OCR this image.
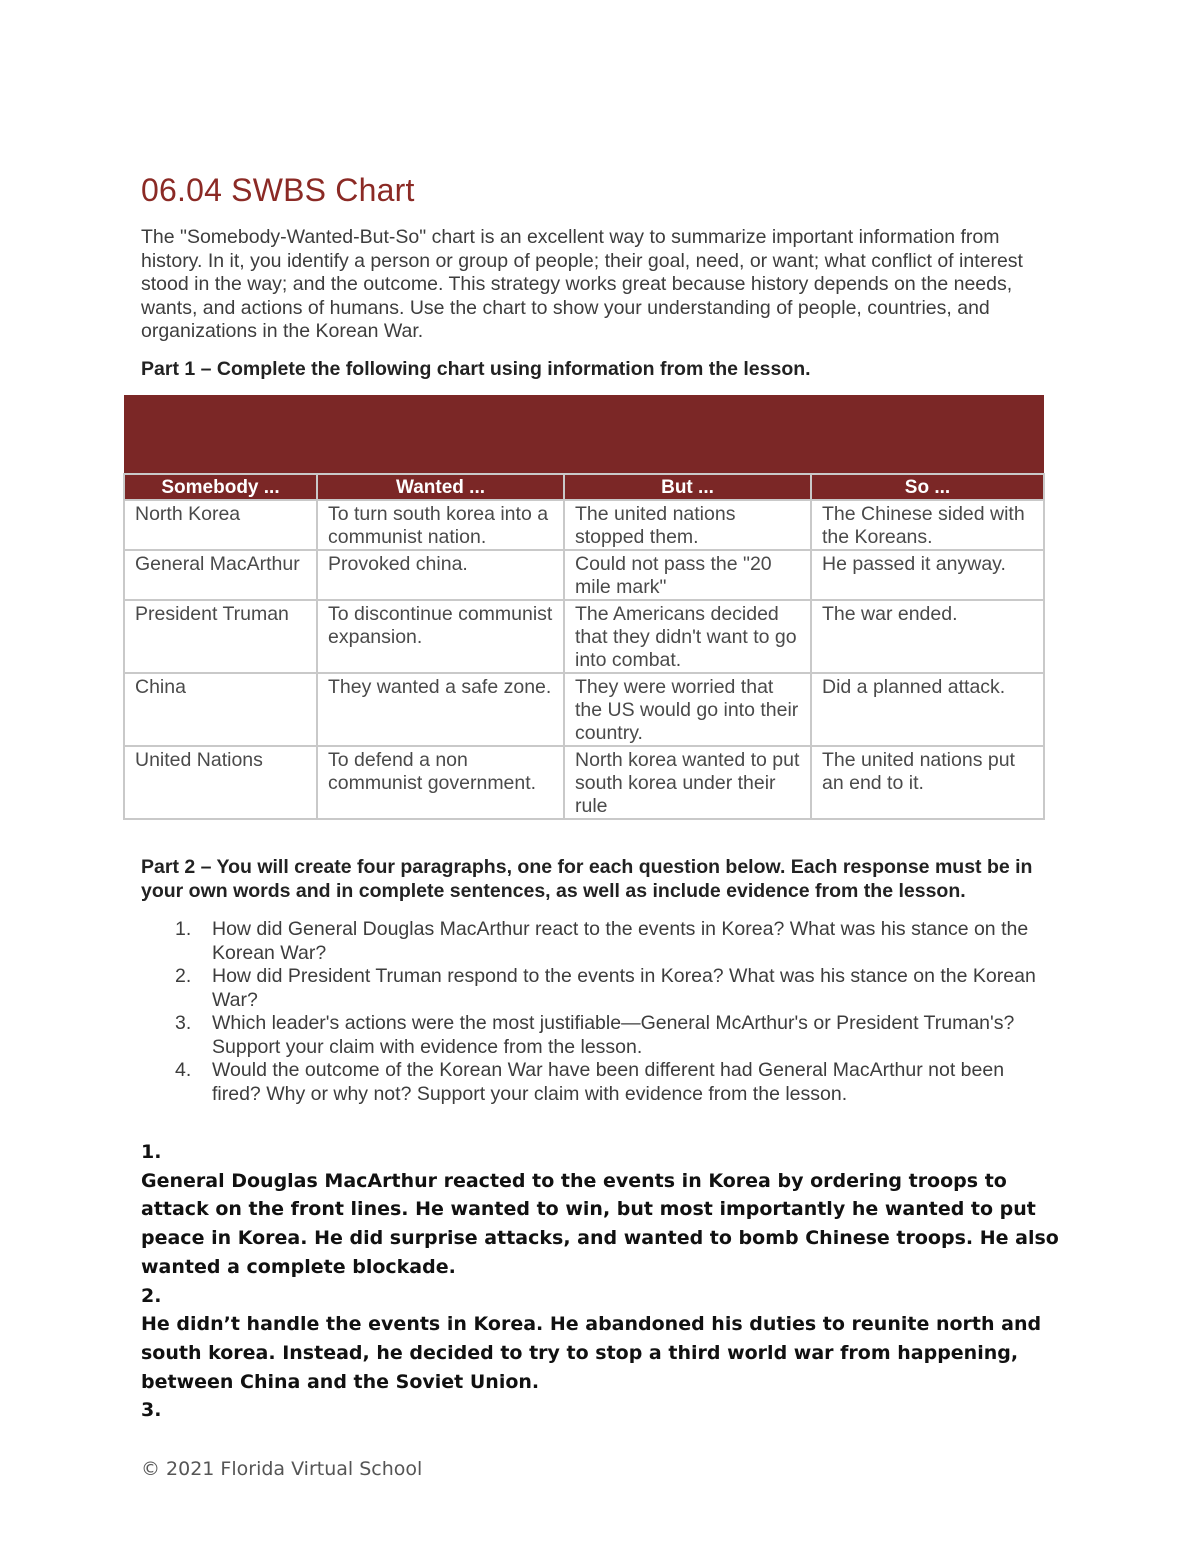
06.04 SWBS Chart

The "Somebody-Wanted-But-So" chart is an excellent way to summarize important information from history. In it, you identify a person or group of people; their goal, need, or want; what conflict of interest stood in the way; and the outcome. This strategy works great because history depends on the needs, wants, and actions of humans. Use the chart to show your understanding of people, countries, and organizations in the Korean War.

Part 1 – Complete the following chart using information from the lesson.

Somebody ...	Wanted ...	But ...	So ...
North Korea	To turn south korea into a communist nation.	The united nations stopped them.	The Chinese sided with the Koreans.
General MacArthur	Provoked china.	Could not pass the "20 mile mark"	He passed it anyway.
President Truman	To discontinue communist expansion.	The Americans decided that they didn't want to go into combat.	The war ended.
China	They wanted a safe zone.	They were worried that the US would go into their country.	Did a planned attack.
United Nations	To defend a non communist government.	North korea wanted to put south korea under their rule	The united nations put an end to it.

Part 2 – You will create four paragraphs, one for each question below. Each response must be in your own words and in complete sentences, as well as include evidence from the lesson.

1. How did General Douglas MacArthur react to the events in Korea? What was his stance on the Korean War?
2. How did President Truman respond to the events in Korea? What was his stance on the Korean War?
3. Which leader's actions were the most justifiable—General McArthur's or President Truman's? Support your claim with evidence from the lesson.
4. Would the outcome of the Korean War have been different had General MacArthur not been fired? Why or why not? Support your claim with evidence from the lesson.

1.

General Douglas MacArthur reacted to the events in Korea by ordering troops to attack on the front lines. He wanted to win, but most importantly he wanted to put peace in Korea. He did surprise attacks, and wanted to bomb Chinese troops. He also wanted a complete blockade.

2.

He didn’t handle the events in Korea. He abandoned his duties to reunite north and south korea. Instead, he decided to try to stop a third world war from happening, between China and the Soviet Union.

3.

© 2021 Florida Virtual School
